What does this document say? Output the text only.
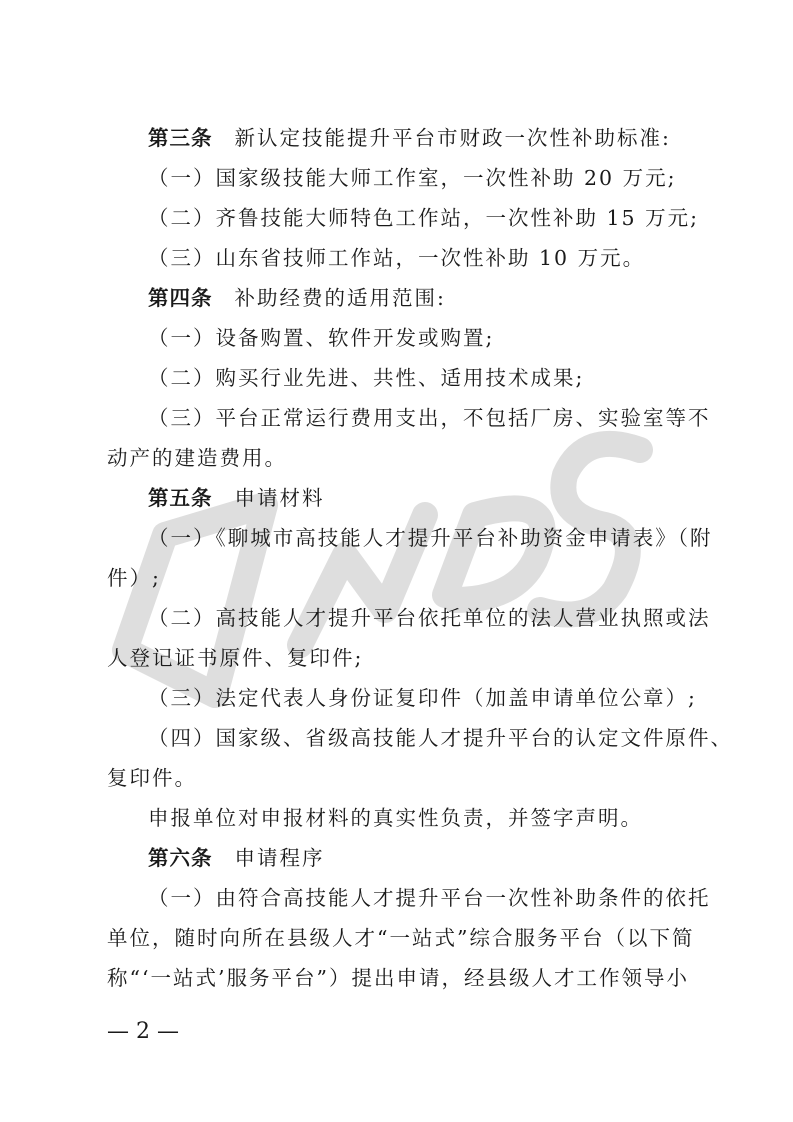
第三条 新认定技能提升平台市财政一次性补助标准:
（一）国家级技能大师工作室，一次性补助 20 万元;
（二）齐鲁技能大师特色工作站，一次性补助 15 万元;
（三）山东省技师工作站，一次性补助 10 万元。
第四条 补助经费的适用范围:
（一）设备购置、软件开发或购置;
（二）购买行业先进、共性、适用技术成果;
（三）平台正常运行费用支出，不包括厂房、实验室等不
动产的建造费用。
第五条 申请材料
（一）《聊城市高技能人才提升平台补助资金申请表》（附
件）;
（二）高技能人才提升平台依托单位的法人营业执照或法
人登记证书原件、复印件;
（三）法定代表人身份证复印件（加盖申请单位公章）;
（四）国家级、省级高技能人才提升平台的认定文件原件、
复印件。
申报单位对申报材料的真实性负责，并签字声明。
第六条 申请程序
（一）由符合高技能人才提升平台一次性补助条件的依托
单位，随时向所在县级人才“一站式”综合服务平台（以下简
称“‘一站式’服务平台”）提出申请，经县级人才工作领导小
— 2 —
